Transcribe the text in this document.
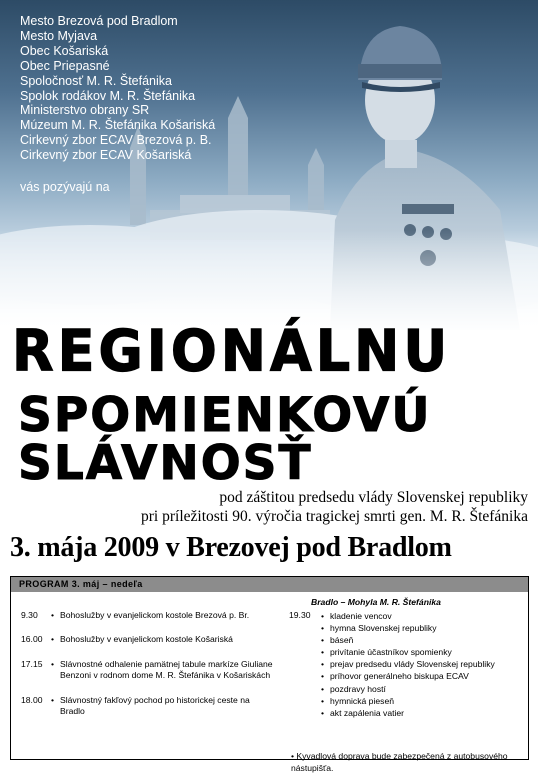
Mesto Brezová pod Bradlom
Mesto Myjava
Obec Košariská
Obec Priepasné
Spoločnosť M. R. Štefánika
Spolok rodákov M. R. Štefánika
Ministerstvo obrany SR
Múzeum M. R. Štefánika Košariská
Cirkevný zbor ECAV Brezová p. B.
Cirkevný zbor ECAV Košariská
vás pozývajú na
REGIONÁLNU
SPOMIENKOVÚ
SLÁVNOSŤ
pod záštitou predsedu vlády Slovenskej republiky
pri príležitosti 90. výročia tragickej smrti gen. M. R. Štefánika
3. mája 2009 v Brezovej pod Bradlom
PROGRAM 3. máj – nedeľa
9.30 • Bohoslužby v evanjelickom kostole Brezová p. Br.
16.00 • Bohoslužby v evanjelickom kostole Košariská
17.15 • Slávnostné odhalenie pamätnej tabule markíze Giuliane Benzoni v rodnom dome M. R. Štefánika v Košariskách
18.00 • Slávnostný fakľový pochod po historickej ceste na Bradlo
Bradlo – Mohyla M. R. Štefánika
19.30
•	kladenie vencov
• hymna Slovenskej republiky
• báseň
• privítanie účastníkov spomienky
• prejav predsedu vlády Slovenskej republiky
• príhovor generálneho biskupa ECAV
• pozdravy hostí
• hymnická pieseň
• akt zapálenia vatier
• Kyvadlová doprava bude zabezpečená z autobusového nástupišťa.
